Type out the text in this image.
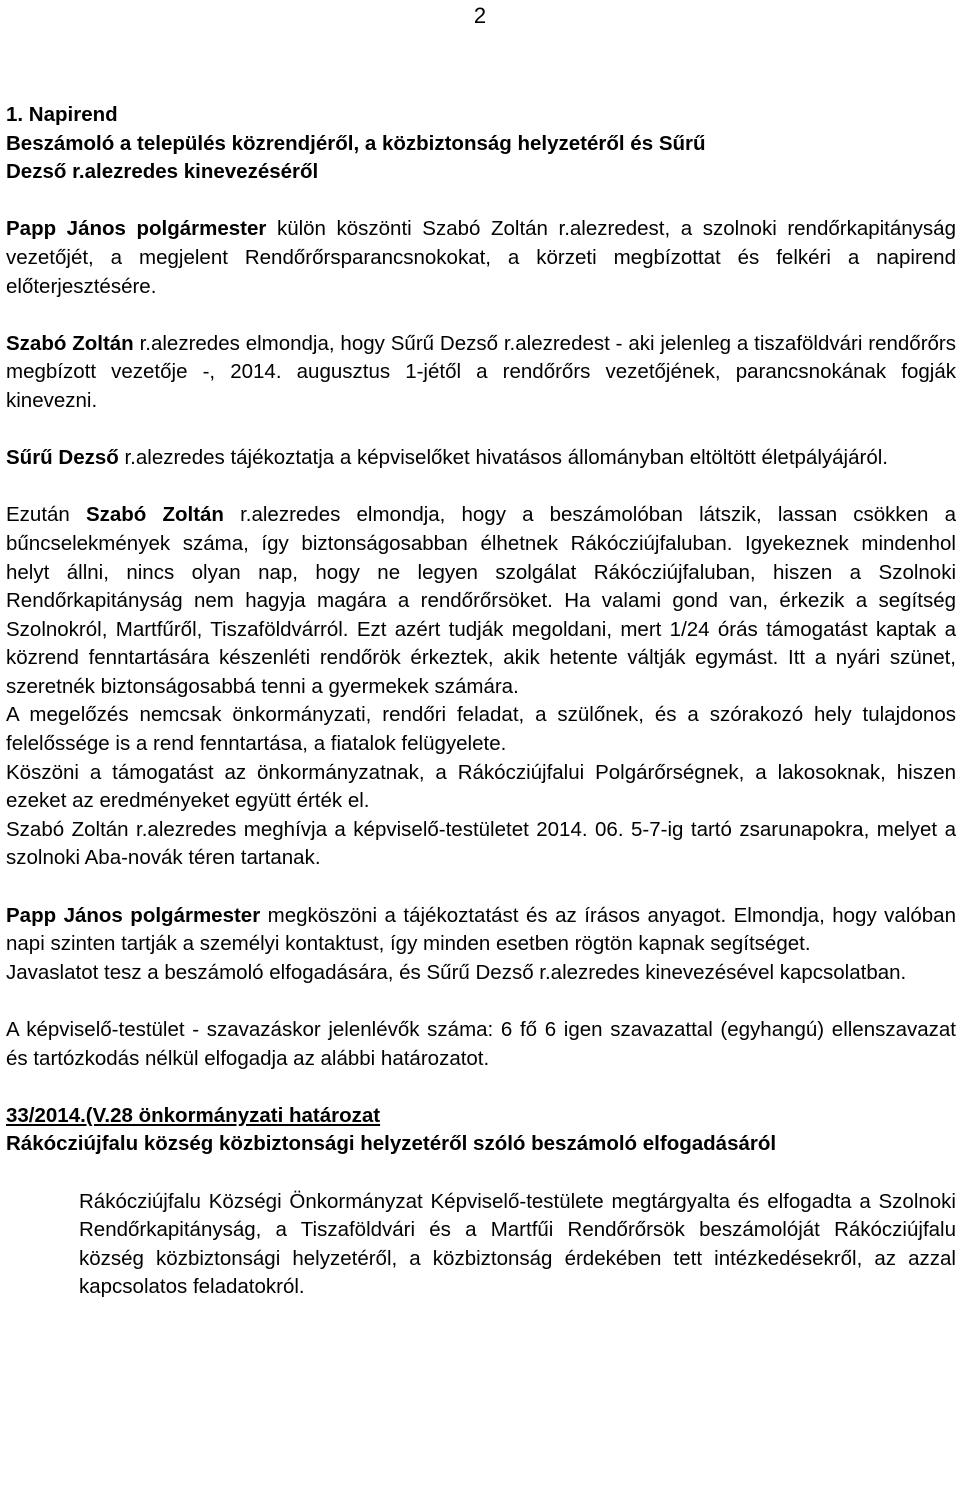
2
1. Napirend
Beszámoló a település közrendjéről, a közbiztonság helyzetéről és Sűrű
Dezső r.alezredes kinevezéséről

Papp János polgármester külön köszönti Szabó Zoltán r.alezredest, a szolnoki rendőrkapitányság vezetőjét, a megjelent Rendőrőrsparancsnokokat, a körzeti megbízottat és felkéri a napirend előterjesztésére.

Szabó Zoltán r.alezredes elmondja, hogy Sűrű Dezső r.alezredest - aki jelenleg a tiszaföldvári rendőrőrs megbízott vezetője -, 2014. augusztus 1-jétől a rendőrőrs vezetőjének, parancsnokának fogják kinevezni.

Sűrű Dezső r.alezredes tájékoztatja a képviselőket hivatásos állományban eltöltött életpályájáról.

Ezután Szabó Zoltán r.alezredes elmondja, hogy a beszámolóban látszik, lassan csökken a bűncselekmények száma, így biztonságosabban élhetnek Rákócziújfaluban. Igyekeznek mindenhol helyt állni, nincs olyan nap, hogy ne legyen szolgálat Rákócziújfaluban, hiszen a Szolnoki Rendőrkapitányság nem hagyja magára a rendőrőrsöket. Ha valami gond van, érkezik a segítség Szolnokról, Martfűről, Tiszaföldvárról. Ezt azért tudják megoldani, mert 1/24 órás támogatást kaptak a közrend fenntartására készenléti rendőrök érkeztek, akik hetente váltják egymást. Itt a nyári szünet, szeretnék biztonságosabbá tenni a gyermekek számára.

A megelőzés nemcsak önkormányzati, rendőri feladat, a szülőnek, és a szórakozó hely tulajdonos felelőssége is a rend fenntartása, a fiatalok felügyelete.

Köszöni a támogatást az önkormányzatnak, a Rákócziújfalui Polgárőrségnek, a lakosoknak, hiszen ezeket az eredményeket együtt érték el.

Szabó Zoltán r.alezredes meghívja a képviselő-testületet 2014. 06. 5-7-ig tartó zsarunapokra, melyet a szolnoki Aba-novák téren tartanak.

Papp János polgármester megköszöni a tájékoztatást és az írásos anyagot. Elmondja, hogy valóban napi szinten tartják a személyi kontaktust, így minden esetben rögtön kapnak segítséget.

Javaslatot tesz a beszámoló elfogadására, és Sűrű Dezső r.alezredes kinevezésével kapcsolatban.

A képviselő-testület - szavazáskor jelenlévők száma: 6 fő 6 igen szavazattal (egyhangú) ellenszavazat és tartózkodás nélkül elfogadja az alábbi határozatot.

33/2014.(V.28 önkormányzati határozat

Rákócziújfalu község közbiztonsági helyzetéről szóló beszámoló elfogadásáról

Rákócziújfalu Községi Önkormányzat Képviselő-testülete megtárgyalta és elfogadta a Szolnoki Rendőrkapitányság, a Tiszaföldvári és a Martfűi Rendőrőrsök beszámolóját Rákócziújfalu község közbiztonsági helyzetéről, a közbiztonság érdekében tett intézkedésekről, az azzal kapcsolatos feladatokról.
